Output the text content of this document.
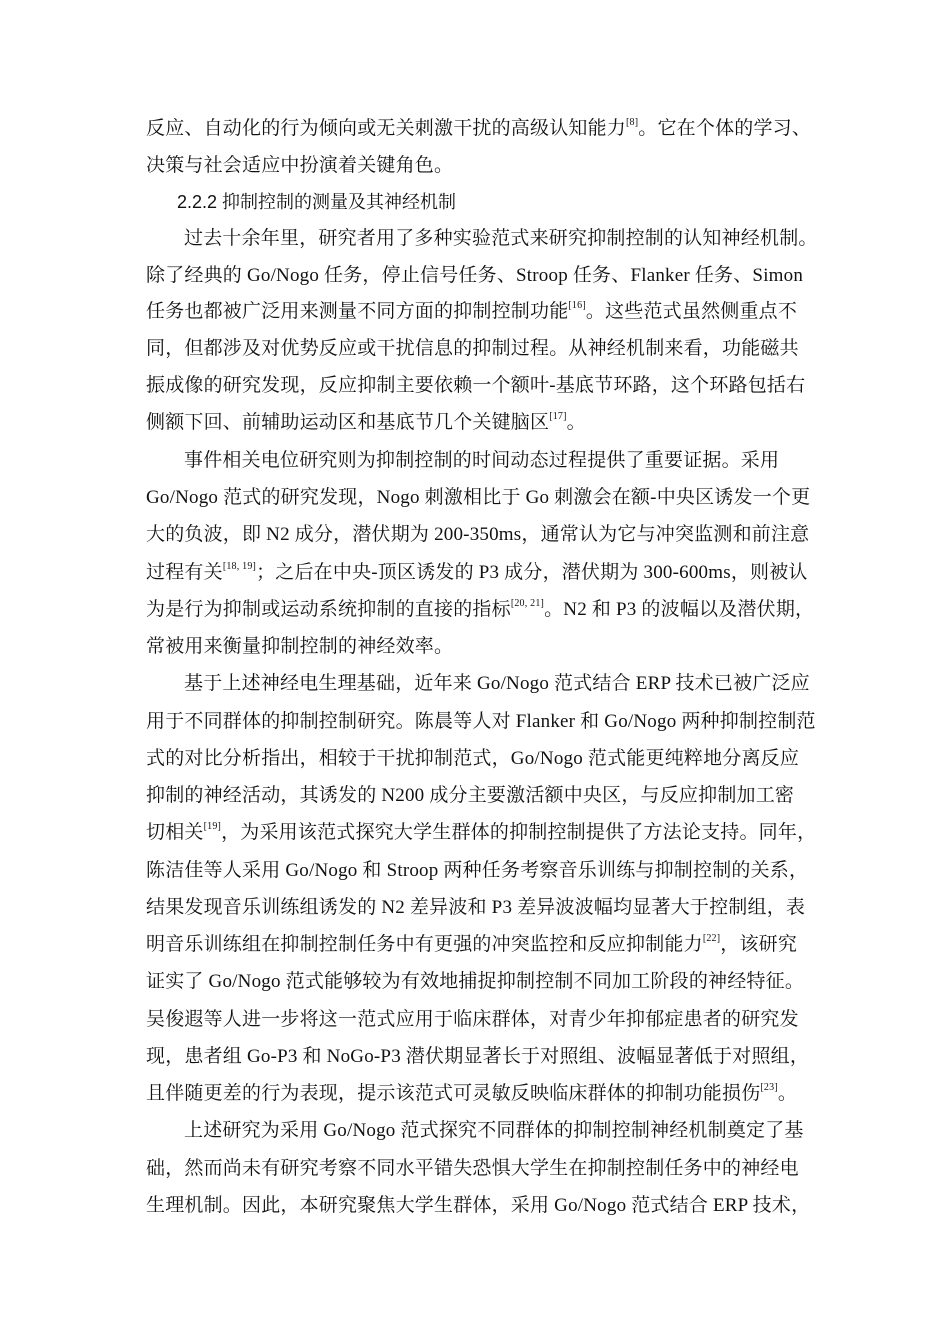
反应、自动化的行为倾向或无关刺激干扰的高级认知能力[8]。它在个体的学习、
决策与社会适应中扮演着关键角色。
2.2.2 抑制控制的测量及其神经机制
过去十余年里，研究者用了多种实验范式来研究抑制控制的认知神经机制。
除了经典的 Go/Nogo 任务，停止信号任务、Stroop 任务、Flanker 任务、Simon
任务也都被广泛用来测量不同方面的抑制控制功能[16]。这些范式虽然侧重点不
同，但都涉及对优势反应或干扰信息的抑制过程。从神经机制来看，功能磁共
振成像的研究发现，反应抑制主要依赖一个额叶-基底节环路，这个环路包括右
侧额下回、前辅助运动区和基底节几个关键脑区[17]。
事件相关电位研究则为抑制控制的时间动态过程提供了重要证据。采用
Go/Nogo 范式的研究发现，Nogo 刺激相比于 Go 刺激会在额-中央区诱发一个更
大的负波，即 N2 成分，潜伏期为 200-350ms，通常认为它与冲突监测和前注意
过程有关[18, 19]；之后在中央-顶区诱发的 P3 成分，潜伏期为 300-600ms，则被认
为是行为抑制或运动系统抑制的直接的指标[20, 21]。N2 和 P3 的波幅以及潜伏期，
常被用来衡量抑制控制的神经效率。
基于上述神经电生理基础，近年来 Go/Nogo 范式结合 ERP 技术已被广泛应
用于不同群体的抑制控制研究。陈晨等人对 Flanker 和 Go/Nogo 两种抑制控制范
式的对比分析指出，相较于干扰抑制范式，Go/Nogo 范式能更纯粹地分离反应
抑制的神经活动，其诱发的 N200 成分主要激活额中央区，与反应抑制加工密
切相关[19]，为采用该范式探究大学生群体的抑制控制提供了方法论支持。同年，
陈洁佳等人采用 Go/Nogo 和 Stroop 两种任务考察音乐训练与抑制控制的关系，
结果发现音乐训练组诱发的 N2 差异波和 P3 差异波波幅均显著大于控制组，表
明音乐训练组在抑制控制任务中有更强的冲突监控和反应抑制能力[22]，该研究
证实了 Go/Nogo 范式能够较为有效地捕捉抑制控制不同加工阶段的神经特征。
吴俊遐等人进一步将这一范式应用于临床群体，对青少年抑郁症患者的研究发
现，患者组 Go-P3 和 NoGo-P3 潜伏期显著长于对照组、波幅显著低于对照组，
且伴随更差的行为表现，提示该范式可灵敏反映临床群体的抑制功能损伤[23]。
上述研究为采用 Go/Nogo 范式探究不同群体的抑制控制神经机制奠定了基
础，然而尚未有研究考察不同水平错失恐惧大学生在抑制控制任务中的神经电
生理机制。因此，本研究聚焦大学生群体，采用 Go/Nogo 范式结合 ERP 技术，
